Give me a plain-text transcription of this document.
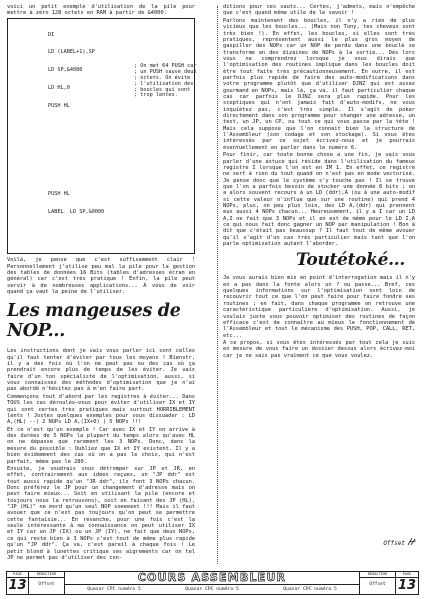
voici un petit exemple d'utilisation de la pile pour mettre à zéro 128 octets en RAM à partir de &4000:

DI

LD (LABEL+1),SP

LD SP,&4080

LD HL,0

PUSH HL

PUSH HL

LABEL  LD SP,&0000

; On met 64 PUSH car
; un PUSH sauve deux
; octets. On évite
; l'utilisation des
; boucles qui sont
; trop lentes.

Voilà, je pense que c'est suffisamment clair ! Personnellement j'utilise peu mal la pile pour la gestion des tables de données 16 Bits (tables d'adresses écran en général) car c'est très pratique ! Enfin, la pile peut servir à de nombreuses applications... À vous de voir quand ça vaut la peine de l'utiliser.

Les mangeuses de NOP...

Les instructions dont je vais vous parler ici sont celles qu'il faut tenter d'éviter par tous les moyens ! Bienstr, il y a des fois où l'on ne peut pas ou des cas où ça prendrait encore plus de temps de les éviter. Je vais faire d'un ton spécialiste de l'optimisation, aussi, si vous connaissez des méthodes d'optimisation que je n'ai pas abordé n'hésitez pas à m'en faire part.

Commençons tout d'abord par les registres à éviter... Dans TOUS les cas déroulés—vous pour éviter d'utiliser IX et IY qui sont certes très pratiques mais surtout HORRIBLEMENT lents ! Jostes quelques exemples pour vous dissuader : LD A,(HL) --) 2 NOPs LD A,(IX+0) ) 5 NOPs !!!

Et ce n'est qu'un exemple ! Car avec IX et IY on arrive à des durées de 5 NOPs la plupart du temps alors qu'avec HL on ne dépasse que rarement les 3 NOPs. Donc, dans la mesure du possible : Oubliez que IX et IY existent. Il y a bien évidemment des cas où on a pas le choix, qui n'est parfait, même pas le 280.

Ensuite, je voudrais vous détromper sur JP et JR, en effet, contrairement aux idées reçues, un "JP ddr" est tout aussi rapide qu'un "JR ddr", ils font 3 NOPs chacun. Donc préférez le JP pour un changement d'adresse mais on peut faire mieux... Soit en utilisant la pile (encore et toujours nous la retrouvons), soit en faisant des JP (HL), "JP (HL)" ne mord qu'un seul NOP soeeeeet !!! Mais il faut avouer que ce n'est pas toujours qu'on peut se permettre cette fantaisie... En revanche, pour une fois c'est la seule intéressante à ma connaissance on peut utiliser IX et IY car un JP (IX) ou un JP (IY), ne fait que deux NOPs, ce qui reste bien à 3 NOPs c'est tout de même plus rapide qu'un "JP ddr". Ça va, c'est pareil à chaque fois ! Le petit blond à lunettes critique ses aigrements car on tel JP ne permet pas d'utiliser des con-

ditions pour ces sauts... Certes, j'admets, mais n'empêche que c'est quand même utile de le savoir !

Parlons maintenant des boucles, il n'y a rien de plus vicieux que les boucles... (Mais non Tony, tes cheveux sont très bien !). En effet, les boucles, si elles sont très pratiques, représentent aussi le plus gros moyen de gaspiller des NOPs car un NOP de perdu dans une boucle se transforme en des dizaines de NOPs à la sortie... Dès lors vous ne comprendrez lorsque je vous dirais que l'optimisation des routines implique dans les boucles doit être tout faite très précautionneusement. En outre, il est parfois plus rapide de faire des auto-modifications dans votre programme plutôt que d'utiliser DJNZ qui est assez gourmand en NOPs, mais là, ça va, il faut particulier chaque cas car parfois le DJNZ sera plus rapide. Pour les sceptiques qui n'ont jamais fait d'auto-modifs, ne vous inquiétez pas, c'est très simple. Il s'agit de poker directement dans son programme pour changer une adresse, un test, un JP, un CP, ou tout ce qui vous passe par la tête ! Mais cela suppose que l'on connait bien la structure de l'Assembleur (son codage et son stockage). Si vous êtes intéressés par ce sujet écrivez-nous et je pourrais éventuellement en parler dans le numéro 6.

Pour finir, car toute bonne chose a une fin, je vais vous parler d'une astuce qui réside dans l'utilisation du fameux registre I lorsque l'on est en IM 1. En effet, ce registre ne sert à rien du tout quand on n'est pas en mode vectorisé. Je pense donc que le système s'y touche pas ! Il se trouve que l'on a parfois besoin de stocker une donnée 8 bits ; on a alors souvent recours à un LD (ddr),A (ou à une auto-modif si cette valeur n'influe que sur une routine) qui prend 4 NOPs, plus, on peu plus loin, des LD A,(ddr) qui prennent eux aussi 4 NOPs chacun... Heureusement, il y a I car un LD A,I ne fait que 3 NOPs et il en est de même pour le LD I,A ce qui nous fait donc gagner un NOP par manipulation ! Bon à dit que c'était pas beaucoup ? Il faut tout de même avouer qu'il s'agit d'un cas très particulier mais tant que l'on parle optimisation autant l'aborder.

Toutétoké...

Je vous aurais bien mis en point d'interrogation mais il n'y en a pas dans la fonte alors un ? ou passe... Bref, ces quelques informations sur l'optimisation sont loin de recouvrir tout ce que l'on peut faire pour faire fondre ses routines ; en fait, dans chaque programme on retrouve une caractéristique particulière d'optimisation. Aussi, je voulais juste vous pouvoir optimiser des routines de façon efficace c'est de connaître au mieux le fonctionnement de l'Assembleur et tout le mécanisme des PUSH, POP, CALL, RET, etc...

A ce propos, si vous êtes intéressés par tout cela je suis en mesure de vous faire un dossier dessus alors écrivez-moi car je ne sais pas vraiment ce que vous voulez.

Offset
PAGE
13
RÉDACTEUR
Offset
COURS ASSEMBLEUR
Quasar CPC numéro 5	Quasar CPC numéro 5	Quasar CPC numéro 5
RÉDACTEUR
Offset
PAGE
13
